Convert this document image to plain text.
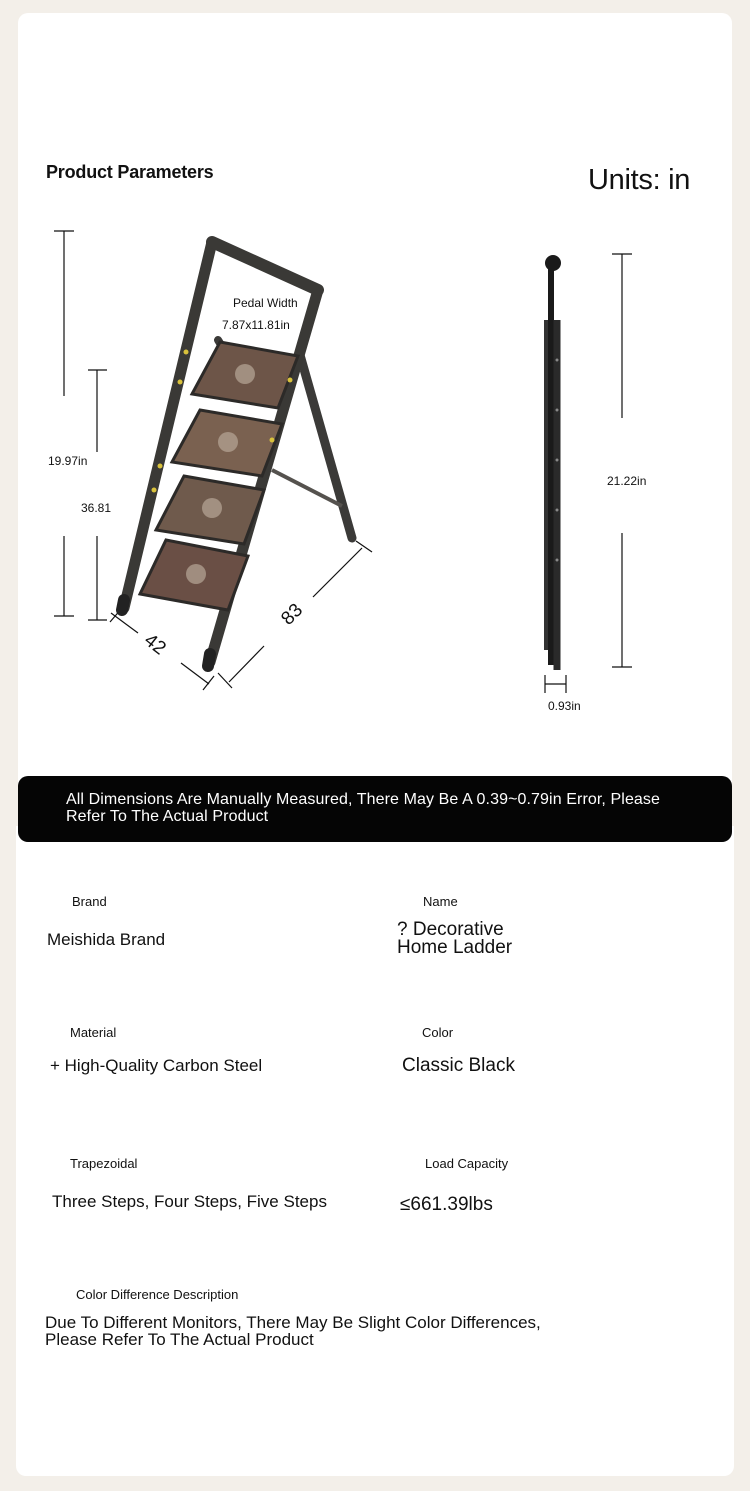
Product Parameters	Units: in
Pedal Width
7.87x11.81in
19.97in
36.81
42
83
21.22in
0.93in
All Dimensions Are Manually Measured, There May Be A 0.39~0.79in Error, Please Refer To The Actual Product
Brand
Meishida Brand
Name
? Decorative
Home Ladder
Material
+ High-Quality Carbon Steel
Color
Classic Black
Trapezoidal
Three Steps, Four Steps, Five Steps
Load Capacity
≤661.39lbs
Color Difference Description
Due To Different Monitors, There May Be Slight Color Differences,
Please Refer To The Actual Product
